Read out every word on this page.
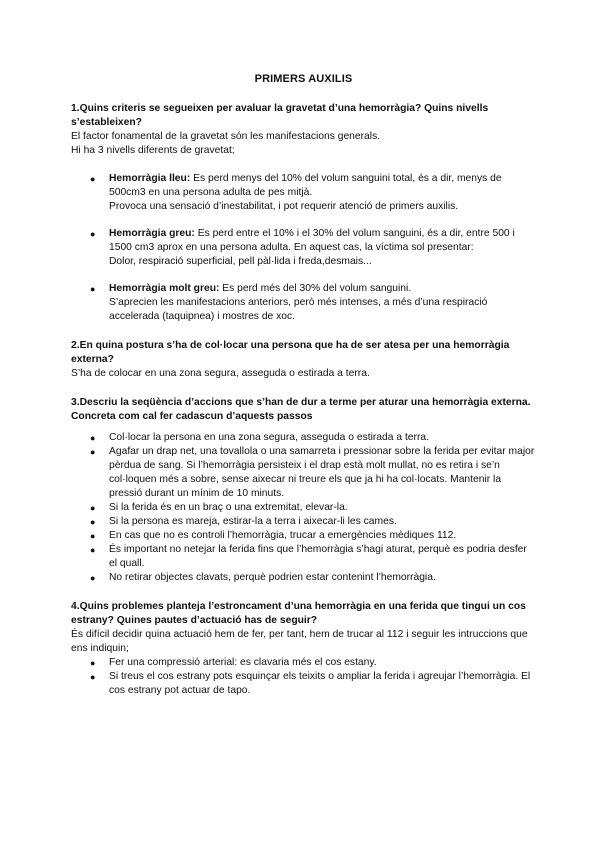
PRIMERS AUXILIS

1.Quins criteris se segueixen per avaluar la gravetat d’una hemorràgia? Quins nivells s’estableixen?

El factor fonamental de la gravetat són les manifestacions generals.

Hi ha 3 nivells diferents de gravetat;

● Hemorràgia lleu: Es perd menys del 10% del volum sanguini total, és a dir, menys de 500cm3 en una persona adulta de pes mitjà.
Provoca una sensació d’inestabilitat, i pot requerir atenció de primers auxilis.
● Hemorràgia greu: Es perd entre el 10% i el 30% del volum sanguini, és a dir, entre 500 i 1500 cm3 aprox en una persona adulta. En aquest cas, la víctima sol presentar:
Dolor, respiració superficial, pell pàl·lida i freda,desmais...
● Hemorràgia molt greu: Es perd més del 30% del volum sanguini.
S’aprecien les manifestacions anteriors, però més intenses, a més d’una respiració accelerada (taquipnea) i mostres de xoc.

2.En quina postura s’ha de col·locar una persona que ha de ser atesa per una hemorràgia externa?

S’ha de colocar en una zona segura, asseguda o estirada a terra.

3.Descriu la seqüència d’accions que s’han de dur a terme per aturar una hemorràgia externa. Concreta com cal fer cadascun d’aquests passos

● Col·locar la persona en una zona segura, asseguda o estirada a terra.
● Agafar un drap net, una tovallola o una samarreta i pressionar sobre la ferida per evitar major pèrdua de sang. Si l’hemorràgia persisteix i el drap està molt mullat, no es retira i se’n col·loquen més a sobre, sense aixecar ni treure els que ja hi ha col·locats. Mantenir la pressió durant un mínim de 10 minuts.
● Si la ferida és en un braç o una extremitat, elevar-la.
● Si la persona es mareja, estirar-la a terra i aixecar-li les cames.
● En cas que no es controli l’hemorràgia, trucar a emergències mèdiques 112.
● És important no netejar la ferida fins que l’hemorràgia s’hagi aturat, perquè es podria desfer el quall.
● No retirar objectes clavats, perquè podrien estar contenint l’hemorràgia.

4.Quins problemes planteja l’estroncament d’una hemorràgia en una ferida que tingui un cos estrany? Quines pautes d’actuació has de seguir?

És difícil decidir quina actuació hem de fer, per tant, hem de trucar al 112 i seguir les intruccions que ens indiquin;

● Fer una compressió arterial: es clavaria més el cos estany.
● Si treus el cos estrany pots esquinçar els teixits o ampliar la ferida i agreujar l’hemorràgia. El cos estrany pot actuar de tapo.
